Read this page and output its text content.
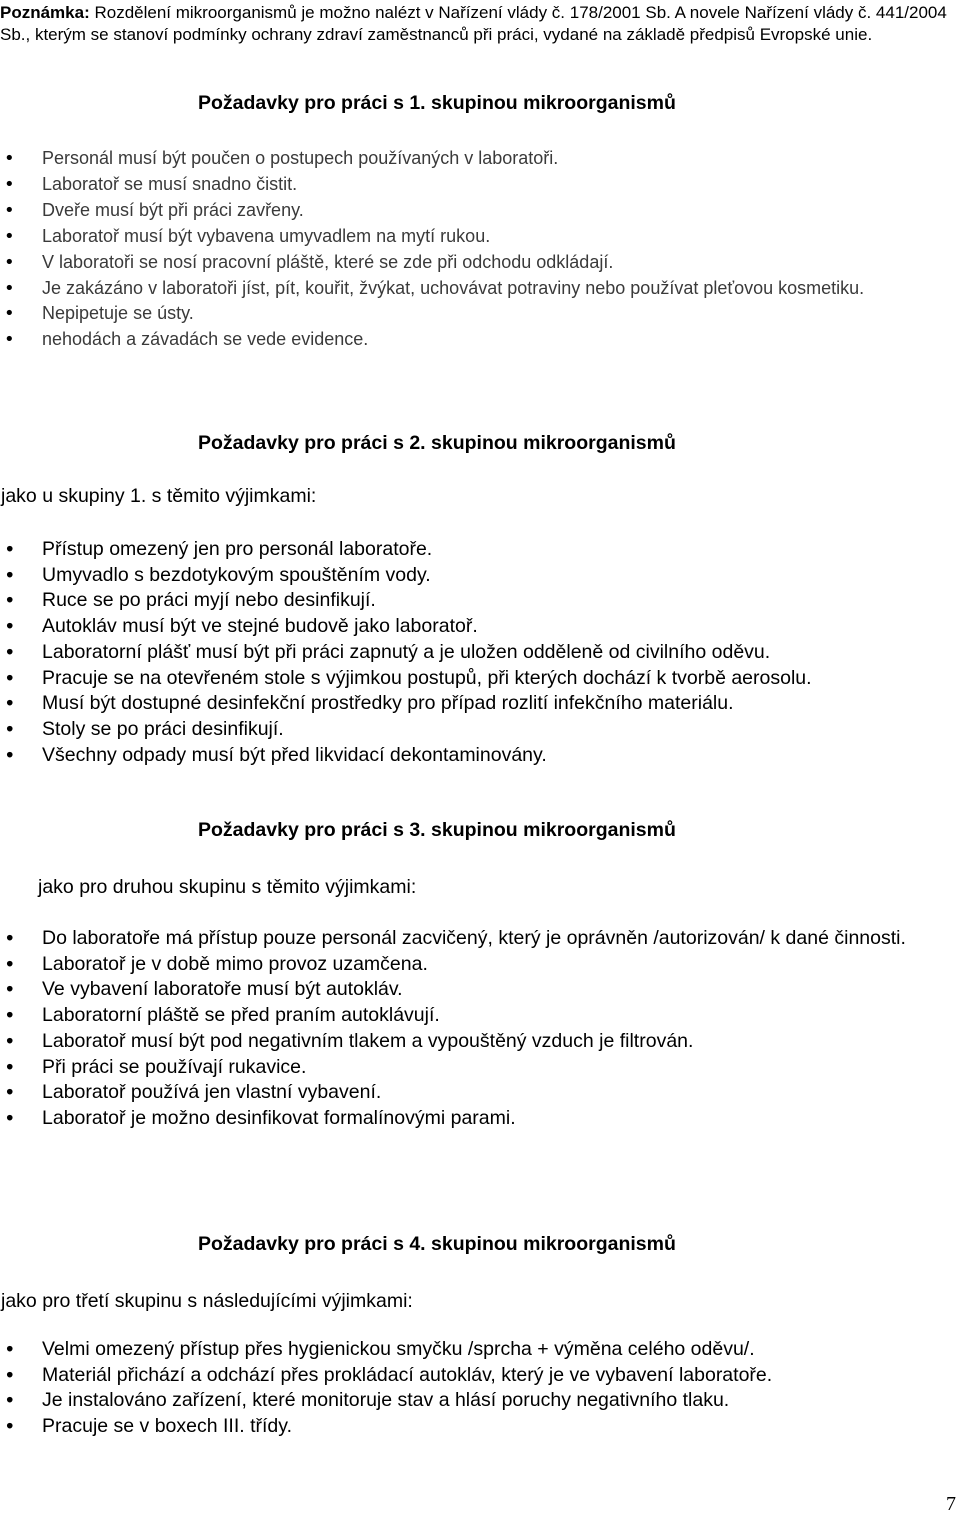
Poznámka: Rozdělení mikroorganismů je možno nalézt v Nařízení vlády č. 178/2001 Sb. A novele Nařízení vlády č. 441/2004 Sb., kterým se stanoví podmínky ochrany zdraví zaměstnanců při práci, vydané na základě předpisů Evropské unie.
Požadavky pro práci s 1. skupinou mikroorganismů
• Personál musí být poučen o postupech používaných v laboratoři.
• Laboratoř se musí snadno čistit.
• Dveře musí být při práci zavřeny.
• Laboratoř musí být vybavena umyvadlem na mytí rukou.
• V laboratoři se nosí pracovní pláště, které se zde při odchodu odkládají.
• Je zakázáno v laboratoři jíst, pít, kouřit, žvýkat, uchovávat potraviny nebo používat pleťovou kosmetiku.
• Nepipetuje se ústy.
• nehodách a závadách se vede evidence.
Požadavky pro práci s 2. skupinou mikroorganismů
jako u skupiny 1. s těmito výjimkami:
• Přístup omezený jen pro personál laboratoře.
• Umyvadlo s bezdotykovým spouštěním vody.
• Ruce se po práci myjí nebo desinfikují.
• Autokláv musí být ve stejné budově jako laboratoř.
• Laboratorní plášť musí být při práci zapnutý a je uložen odděleně od civilního oděvu.
• Pracuje se na otevřeném stole s výjimkou postupů, při kterých dochází k tvorbě aerosolu.
• Musí být dostupné desinfekční prostředky pro případ rozlití infekčního materiálu.
• Stoly se po práci desinfikují.
• Všechny odpady musí být před likvidací dekontaminovány.
Požadavky pro práci s 3. skupinou mikroorganismů
jako pro druhou skupinu s těmito výjimkami:
• Do laboratoře má přístup pouze personál zacvičený, který je oprávněn /autorizován/ k dané činnosti.
• Laboratoř je v době mimo provoz uzamčena.
• Ve vybavení laboratoře musí být autokláv.
• Laboratorní pláště se před praním autoklávují.
• Laboratoř musí být pod negativním tlakem a vypouštěný vzduch je filtrován.
• Při práci se používají rukavice.
• Laboratoř používá jen vlastní vybavení.
• Laboratoř je možno desinfikovat formalínovými parami.
Požadavky pro práci s 4. skupinou mikroorganismů
jako pro třetí skupinu s následujícími výjimkami:
• Velmi omezený přístup přes hygienickou smyčku /sprcha + výměna celého oděvu/.
• Materiál přichází a odchází přes prokládací autokláv, který je ve vybavení laboratoře.
• Je instalováno zařízení, které monitoruje stav a hlásí poruchy negativního tlaku.
• Pracuje se v boxech III. třídy.
7
